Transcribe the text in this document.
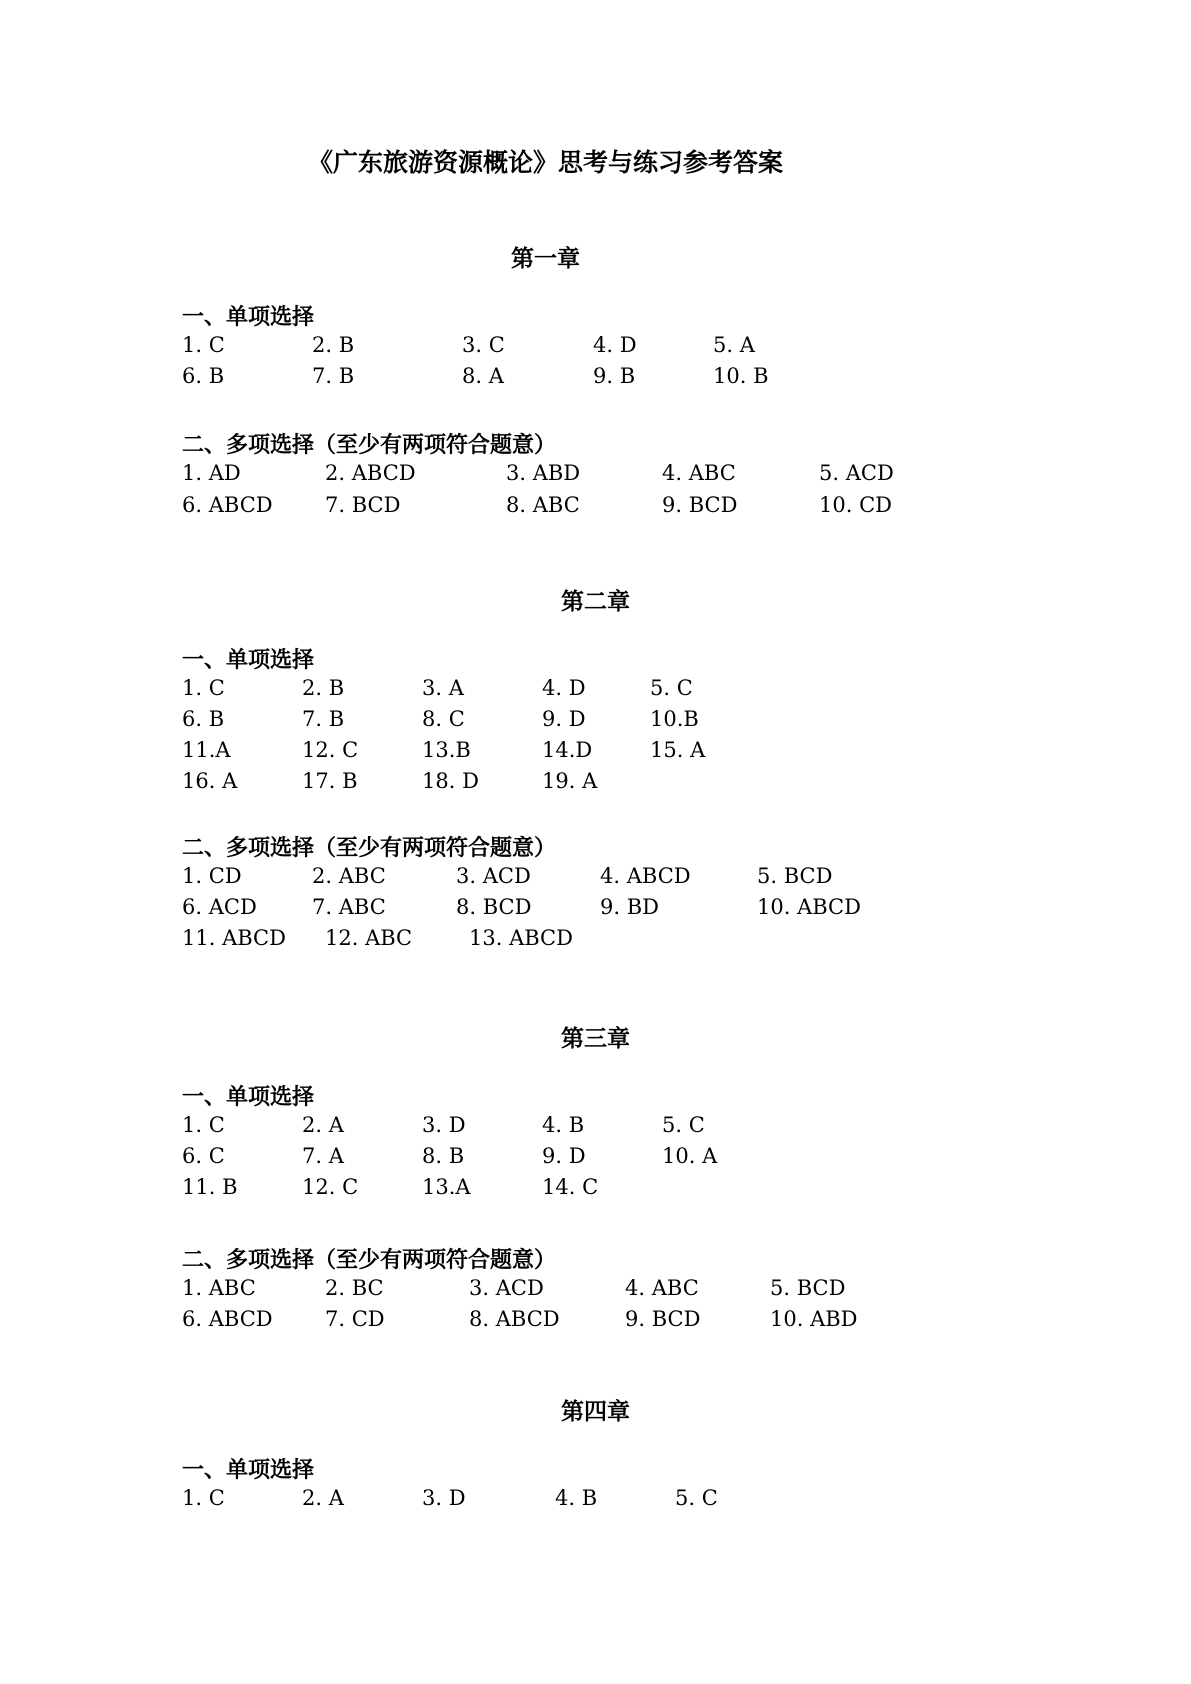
《广东旅游资源概论》思考与练习参考答案
第一章
一、单项选择
1. C	2. B	3. C	4. D	5. A
6. B	7. B	8. A	9. B	10. B
二、多项选择（至少有两项符合题意）
1. AD	2. ABCD	3. ABD	4. ABC	5. ACD
6. ABCD 7. BCD	8. ABC	9. BCD	10. CD
第二章
一、单项选择
1. C	2. B	3. A	4. D	5. C
6. B	7. B	8. C	9. D	10.B
11.A	12. C	13.B	14.D	15. A
16. A	17. B	18. D	19. A
二、多项选择（至少有两项符合题意）
1. CD	2. ABC	3. ACD	4. ABCD	5. BCD
6. ACD	7. ABC	8. BCD	9. BD	10. ABCD
11. ABCD 12. ABC	13. ABCD
第三章
一、单项选择
1. C	2. A	3. D	4. B	5. C
6. C	7. A	8. B	9. D	10. A
11. B	12. C	13.A	14. C
二、多项选择（至少有两项符合题意）
1. ABC	2. BC	3. ACD	4. ABC	5. BCD
6. ABCD 7. CD	8. ABCD	9. BCD	10. ABD
第四章
一、单项选择
1. C	2. A	3. D	4. B	5. C
